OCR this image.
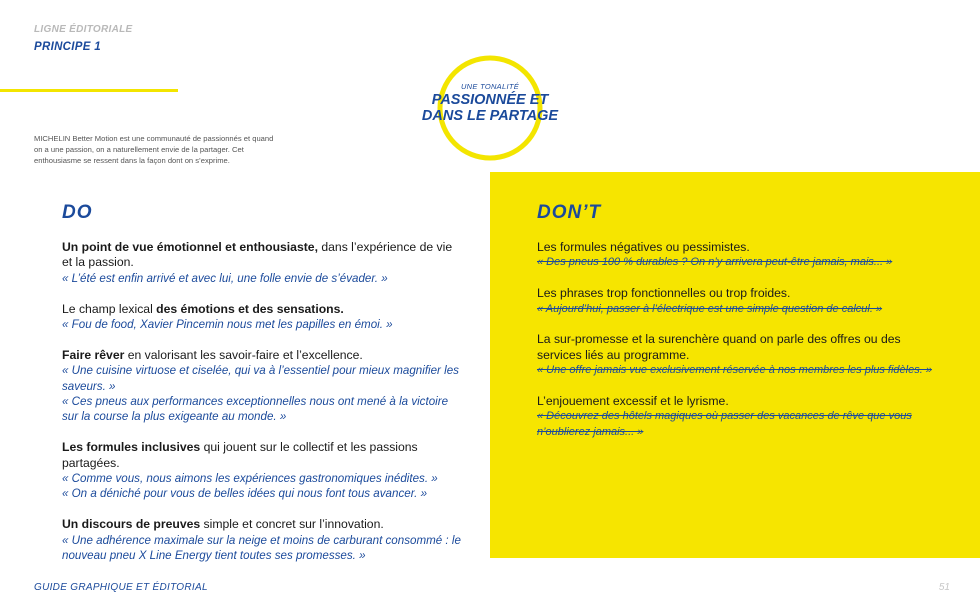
LIGNE ÉDITORIALE
PRINCIPE 1

MICHELIN Better Motion est une communauté de passionnés et quand on a une passion, on a naturellement envie de la partager. Cet enthousiasme se ressent dans la façon dont on s’exprime.

UNE TONALITÉ
PASSIONNÉE ET
DANS LE PARTAGE
DO	DON’T
Un point de vue émotionnel et enthousiaste, dans l’expérience de vie et la passion.
« L’été est enfin arrivé et avec lui, une folle envie de s’évader. »
Le champ lexical des émotions et des sensations.
« Fou de food, Xavier Pincemin nous met les papilles en émoi. »
Faire rêver en valorisant les savoir-faire et l’excellence.
« Une cuisine virtuose et ciselée, qui va à l’essentiel pour mieux magnifier les saveurs. »
« Ces pneus aux performances exceptionnelles nous ont mené à la victoire sur la course la plus exigeante au monde. »
Les formules inclusives qui jouent sur le collectif et les passions partagées.
« Comme vous, nous aimons les expériences gastronomiques inédites. »
« On a déniché pour vous de belles idées qui nous font tous avancer. »
Un discours de preuves simple et concret sur l’innovation.
« Une adhérence maximale sur la neige et moins de carburant consommé : le nouveau pneu X Line Energy tient toutes ses promesses. »
Les formules négatives ou pessimistes.
« Des pneus 100 % durables ? On n’y arrivera peut-être jamais, mais... »
Les phrases trop fonctionnelles ou trop froides.
« Aujourd’hui, passer à l’électrique est une simple question de calcul. »
La sur-promesse et la surenchère quand on parle des offres ou des services liés au programme.
« Une offre jamais vue exclusivement réservée à nos membres les plus fidèles. »
L’enjouement excessif et le lyrisme.
« Découvrez des hôtels magiques où passer des vacances de rêve que vous n’oublierez jamais... »
GUIDE GRAPHIQUE ET ÉDITORIAL	51
